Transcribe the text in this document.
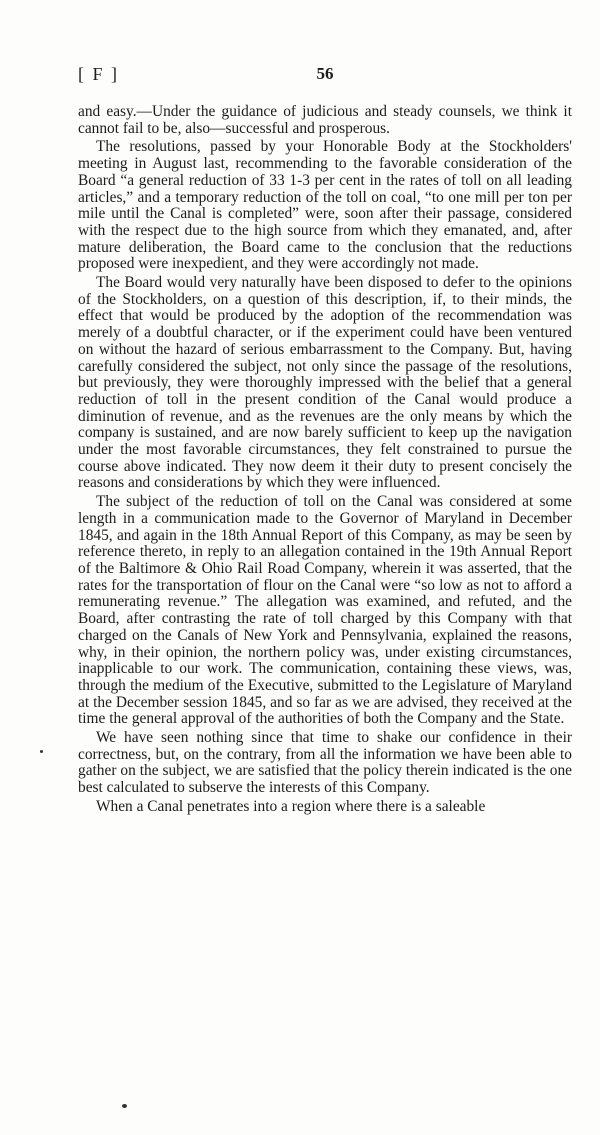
[ F ]	56

and easy.—Under the guidance of judicious and steady counsels, we think it cannot fail to be, also—successful and prosperous.

The resolutions, passed by your Honorable Body at the Stockholders' meeting in August last, recommending to the favorable consideration of the Board “a general reduction of 33 1-3 per cent in the rates of toll on all leading articles,” and a temporary reduction of the toll on coal, “to one mill per ton per mile until the Canal is completed” were, soon after their passage, considered with the respect due to the high source from which they emanated, and, after mature deliberation, the Board came to the conclusion that the reductions proposed were inexpedient, and they were accordingly not made.

The Board would very naturally have been disposed to defer to the opinions of the Stockholders, on a question of this description, if, to their minds, the effect that would be produced by the adoption of the recommendation was merely of a doubtful character, or if the experiment could have been ventured on without the hazard of serious embarrassment to the Company. But, having carefully considered the subject, not only since the passage of the resolutions, but previously, they were thoroughly impressed with the belief that a general reduction of toll in the present condition of the Canal would produce a diminution of revenue, and as the revenues are the only means by which the company is sustained, and are now barely sufficient to keep up the navigation under the most favorable circumstances, they felt constrained to pursue the course above indicated. They now deem it their duty to present concisely the reasons and considerations by which they were influenced.

The subject of the reduction of toll on the Canal was considered at some length in a communication made to the Governor of Maryland in December 1845, and again in the 18th Annual Report of this Company, as may be seen by reference thereto, in reply to an allegation contained in the 19th Annual Report of the Baltimore & Ohio Rail Road Company, wherein it was asserted, that the rates for the transportation of flour on the Canal were “so low as not to afford a remunerating revenue.” The allegation was examined, and refuted, and the Board, after contrasting the rate of toll charged by this Company with that charged on the Canals of New York and Pennsylvania, explained the reasons, why, in their opinion, the northern policy was, under existing circumstances, inapplicable to our work. The communication, containing these views, was, through the medium of the Executive, submitted to the Legislature of Maryland at the December session 1845, and so far as we are advised, they received at the time the general approval of the authorities of both the Company and the State.

We have seen nothing since that time to shake our confidence in their correctness, but, on the contrary, from all the information we have been able to gather on the subject, we are satisfied that the policy therein indicated is the one best calculated to subserve the interests of this Company.

When a Canal penetrates into a region where there is a saleable
